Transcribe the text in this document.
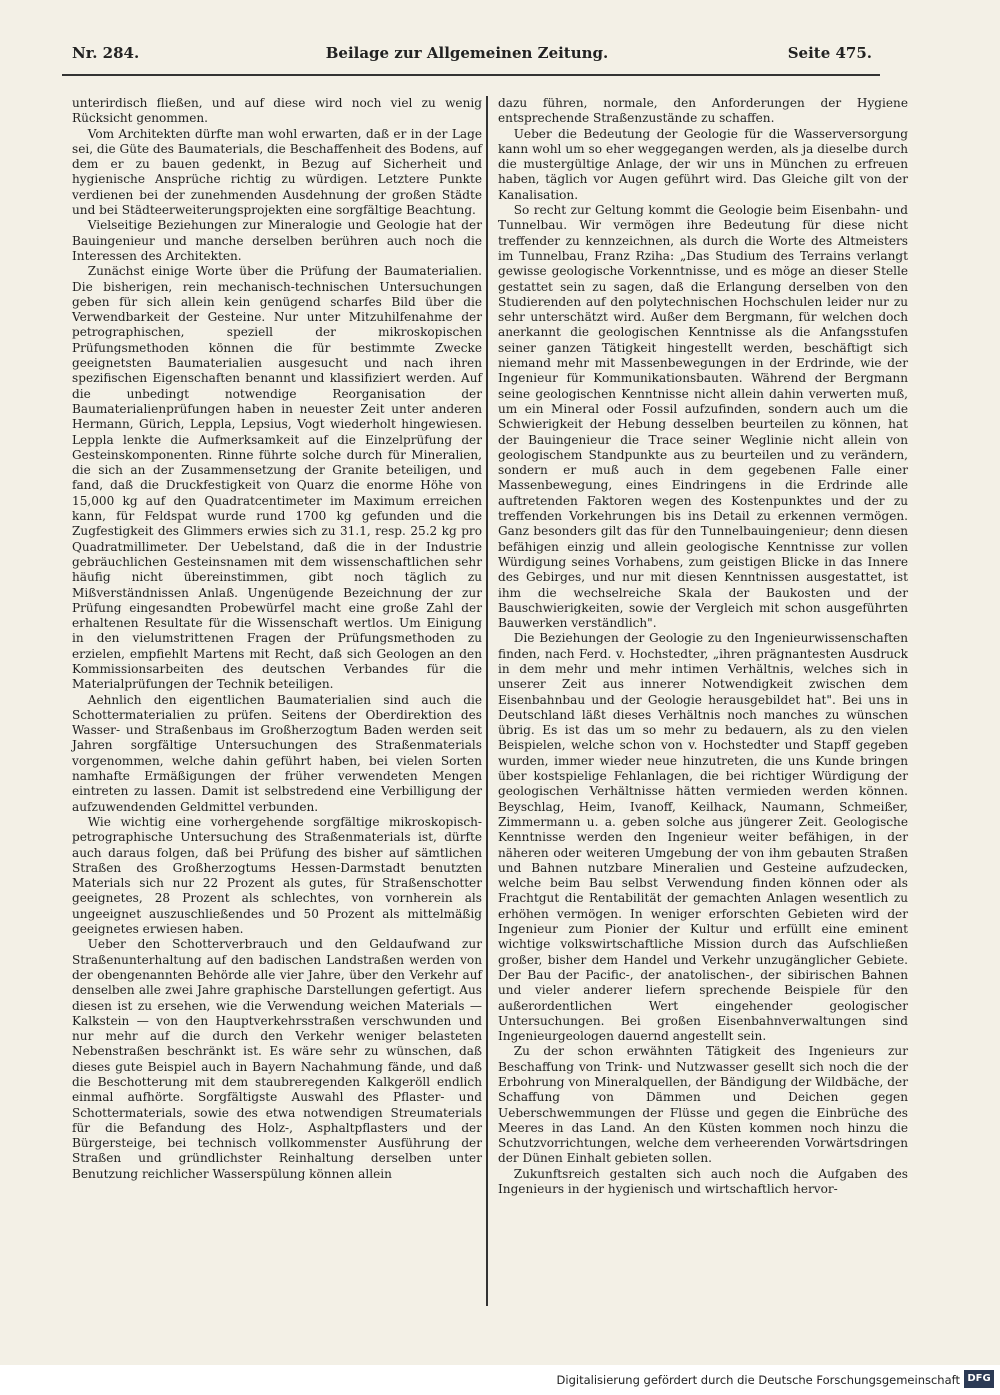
Nr. 284.	Beilage zur Allgemeinen Zeitung.	Seite 475.

unterirdisch fließen, und auf diese wird noch viel zu wenig Rücksicht genommen.

Vom Architekten dürfte man wohl erwarten, daß er in der Lage sei, die Güte des Baumaterials, die Beschaffenheit des Bodens, auf dem er zu bauen gedenkt, in Bezug auf Sicherheit und hygienische Ansprüche richtig zu würdigen. Letztere Punkte verdienen bei der zunehmenden Ausdehnung der großen Städte und bei Städteerweiterungsprojekten eine sorgfältige Beachtung.

Vielseitige Beziehungen zur Mineralogie und Geologie hat der Bauingenieur und manche derselben berühren auch noch die Interessen des Architekten.

Zunächst einige Worte über die Prüfung der Baumaterialien. Die bisherigen, rein mechanisch-technischen Untersuchungen geben für sich allein kein genügend scharfes Bild über die Verwendbarkeit der Gesteine. Nur unter Mitzuhilfenahme der petrographischen, speziell der mikroskopischen Prüfungsmethoden können die für bestimmte Zwecke geeignetsten Baumaterialien ausgesucht und nach ihren spezifischen Eigenschaften benannt und klassifiziert werden. Auf die unbedingt notwendige Reorganisation der Baumaterialienprüfungen haben in neuester Zeit unter anderen Hermann, Gürich, Leppla, Lepsius, Vogt wiederholt hingewiesen. Leppla lenkte die Aufmerksamkeit auf die Einzelprüfung der Gesteinskomponenten. Rinne führte solche durch für Mineralien, die sich an der Zusammensetzung der Granite beteiligen, und fand, daß die Druckfestigkeit von Quarz die enorme Höhe von 15,000 kg auf den Quadratcentimeter im Maximum erreichen kann, für Feldspat wurde rund 1700 kg gefunden und die Zugfestigkeit des Glimmers erwies sich zu 31.1, resp. 25.2 kg pro Quadratmillimeter. Der Uebelstand, daß die in der Industrie gebräuchlichen Gesteinsnamen mit dem wissenschaftlichen sehr häufig nicht übereinstimmen, gibt noch täglich zu Mißverständnissen Anlaß. Ungenügende Bezeichnung der zur Prüfung eingesandten Probewürfel macht eine große Zahl der erhaltenen Resultate für die Wissenschaft wertlos. Um Einigung in den vielumstrittenen Fragen der Prüfungsmethoden zu erzielen, empfiehlt Martens mit Recht, daß sich Geologen an den Kommissionsarbeiten des deutschen Verbandes für die Materialprüfungen der Technik beteiligen.

Aehnlich den eigentlichen Baumaterialien sind auch die Schottermaterialien zu prüfen. Seitens der Oberdirektion des Wasser- und Straßenbaus im Großherzogtum Baden werden seit Jahren sorgfältige Untersuchungen des Straßenmaterials vorgenommen, welche dahin geführt haben, bei vielen Sorten namhafte Ermäßigungen der früher verwendeten Mengen eintreten zu lassen. Damit ist selbstredend eine Verbilligung der aufzuwendenden Geldmittel verbunden.

Wie wichtig eine vorhergehende sorgfältige mikroskopisch-petrographische Untersuchung des Straßenmaterials ist, dürfte auch daraus folgen, daß bei Prüfung des bisher auf sämtlichen Straßen des Großherzogtums Hessen-Darmstadt benutzten Materials sich nur 22 Prozent als gutes, für Straßenschotter geeignetes, 28 Prozent als schlechtes, von vornherein als ungeeignet auszuschließendes und 50 Prozent als mittelmäßig geeignetes erwiesen haben.

Ueber den Schotterverbrauch und den Geldaufwand zur Straßenunterhaltung auf den badischen Landstraßen werden von der obengenannten Behörde alle vier Jahre, über den Verkehr auf denselben alle zwei Jahre graphische Darstellungen gefertigt. Aus diesen ist zu ersehen, wie die Verwendung weichen Materials — Kalkstein — von den Hauptverkehrsstraßen verschwunden und nur mehr auf die durch den Verkehr weniger belasteten Nebenstraßen beschränkt ist. Es wäre sehr zu wünschen, daß dieses gute Beispiel auch in Bayern Nachahmung fände, und daß die Beschotterung mit dem staubreregenden Kalkgeröll endlich einmal aufhörte. Sorgfältigste Auswahl des Pflaster- und Schottermaterials, sowie des etwa notwendigen Streumaterials für die Befandung des Holz-, Asphaltpflasters und der Bürgersteige, bei technisch vollkommenster Ausführung der Straßen und gründlichster Reinhaltung derselben unter Benutzung reichlicher Wasserspülung können allein

dazu führen, normale, den Anforderungen der Hygiene entsprechende Straßenzustände zu schaffen.

Ueber die Bedeutung der Geologie für die Wasserversorgung kann wohl um so eher weggegangen werden, als ja dieselbe durch die mustergültige Anlage, der wir uns in München zu erfreuen haben, täglich vor Augen geführt wird. Das Gleiche gilt von der Kanalisation.

So recht zur Geltung kommt die Geologie beim Eisenbahn- und Tunnelbau. Wir vermögen ihre Bedeutung für diese nicht treffender zu kennzeichnen, als durch die Worte des Altmeisters im Tunnelbau, Franz Rziha: „Das Studium des Terrains verlangt gewisse geologische Vorkenntnisse, und es möge an dieser Stelle gestattet sein zu sagen, daß die Erlangung derselben von den Studierenden auf den polytechnischen Hochschulen leider nur zu sehr unterschätzt wird. Außer dem Bergmann, für welchen doch anerkannt die geologischen Kenntnisse als die Anfangsstufen seiner ganzen Tätigkeit hingestellt werden, beschäftigt sich niemand mehr mit Massenbewegungen in der Erdrinde, wie der Ingenieur für Kommunikationsbauten. Während der Bergmann seine geologischen Kenntnisse nicht allein dahin verwerten muß, um ein Mineral oder Fossil aufzufinden, sondern auch um die Schwierigkeit der Hebung desselben beurteilen zu können, hat der Bauingenieur die Trace seiner Weglinie nicht allein von geologischem Standpunkte aus zu beurteilen und zu verändern, sondern er muß auch in dem gegebenen Falle einer Massenbewegung, eines Eindringens in die Erdrinde alle auftretenden Faktoren wegen des Kostenpunktes und der zu treffenden Vorkehrungen bis ins Detail zu erkennen vermögen. Ganz besonders gilt das für den Tunnelbauingenieur; denn diesen befähigen einzig und allein geologische Kenntnisse zur vollen Würdigung seines Vorhabens, zum geistigen Blicke in das Innere des Gebirges, und nur mit diesen Kenntnissen ausgestattet, ist ihm die wechselreiche Skala der Baukosten und der Bauschwierigkeiten, sowie der Vergleich mit schon ausgeführten Bauwerken verständlich".

Die Beziehungen der Geologie zu den Ingenieurwissenschaften finden, nach Ferd. v. Hochstedter, „ihren prägnantesten Ausdruck in dem mehr und mehr intimen Verhältnis, welches sich in unserer Zeit aus innerer Notwendigkeit zwischen dem Eisenbahnbau und der Geologie herausgebildet hat". Bei uns in Deutschland läßt dieses Verhältnis noch manches zu wünschen übrig. Es ist das um so mehr zu bedauern, als zu den vielen Beispielen, welche schon von v. Hochstedter und Stapff gegeben wurden, immer wieder neue hinzutreten, die uns Kunde bringen über kostspielige Fehlanlagen, die bei richtiger Würdigung der geologischen Verhältnisse hätten vermieden werden können. Beyschlag, Heim, Ivanoff, Keilhack, Naumann, Schmeißer, Zimmermann u. a. geben solche aus jüngerer Zeit. Geologische Kenntnisse werden den Ingenieur weiter befähigen, in der näheren oder weiteren Umgebung der von ihm gebauten Straßen und Bahnen nutzbare Mineralien und Gesteine aufzudecken, welche beim Bau selbst Verwendung finden können oder als Frachtgut die Rentabilität der gemachten Anlagen wesentlich zu erhöhen vermögen. In weniger erforschten Gebieten wird der Ingenieur zum Pionier der Kultur und erfüllt eine eminent wichtige volkswirtschaftliche Mission durch das Aufschließen großer, bisher dem Handel und Verkehr unzugänglicher Gebiete. Der Bau der Pacific-, der anatolischen-, der sibirischen Bahnen und vieler anderer liefern sprechende Beispiele für den außerordentlichen Wert eingehender geologischer Untersuchungen. Bei großen Eisenbahnverwaltungen sind Ingenieurgeologen dauernd angestellt sein.

Zu der schon erwähnten Tätigkeit des Ingenieurs zur Beschaffung von Trink- und Nutzwasser gesellt sich noch die der Erbohrung von Mineralquellen, der Bändigung der Wildbäche, der Schaffung von Dämmen und Deichen gegen Ueberschwemmungen der Flüsse und gegen die Einbrüche des Meeres in das Land. An den Küsten kommen noch hinzu die Schutzvorrichtungen, welche dem verheerenden Vorwärtsdringen der Dünen Einhalt gebieten sollen.

Zukunftsreich gestalten sich auch noch die Aufgaben des Ingenieurs in der hygienisch und wirtschaftlich hervor-

Digitalisierung gefördert durch die Deutsche Forschungsgemeinschaft DFG
